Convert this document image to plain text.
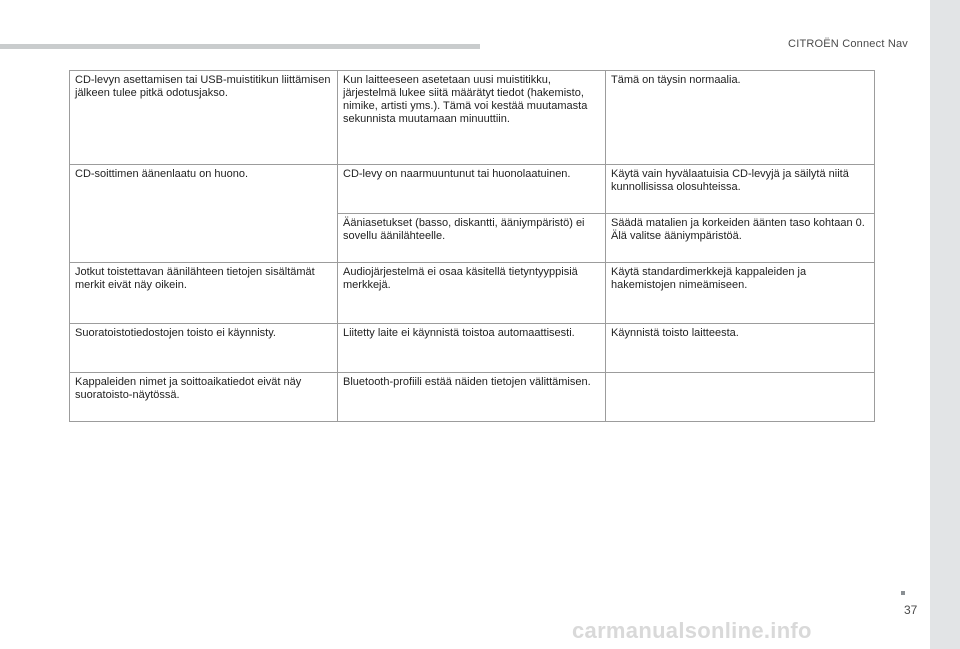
CITROËN Connect Nav
CD-levyn asettamisen tai USB-muistitikun liittämisen jälkeen tulee pitkä odotusjakso.	Kun laitteeseen asetetaan uusi muistitikku, järjestelmä lukee siitä määrätyt tiedot (hakemisto, nimike, artisti yms.). Tämä voi kestää muutamasta sekunnista muutamaan minuuttiin.	Tämä on täysin normaalia.
CD-soittimen äänenlaatu on huono.	CD-levy on naarmuuntunut tai huonolaatuinen.	Käytä vain hyvälaatuisia CD-levyjä ja säilytä niitä kunnollisissa olosuhteissa.
	Ääniasetukset (basso, diskantti, ääniympäristö) ei sovellu äänilähteelle.	Säädä matalien ja korkeiden äänten taso kohtaan 0. Älä valitse ääniympäristöä.
Jotkut toistettavan äänilähteen tietojen sisältämät merkit eivät näy oikein.	Audiojärjestelmä ei osaa käsitellä tietyntyyppisiä merkkejä.	Käytä standardimerkkejä kappaleiden ja hakemistojen nimeämiseen.
Suoratoistotiedostojen toisto ei käynnisty.	Liitetty laite ei käynnistä toistoa automaattisesti.	Käynnistä toisto laitteesta.
Kappaleiden nimet ja soittoaikatiedot eivät näy suoratoisto-näytössä.	Bluetooth-profiili estää näiden tietojen välittämisen.	
37
carmanualsonline.info
